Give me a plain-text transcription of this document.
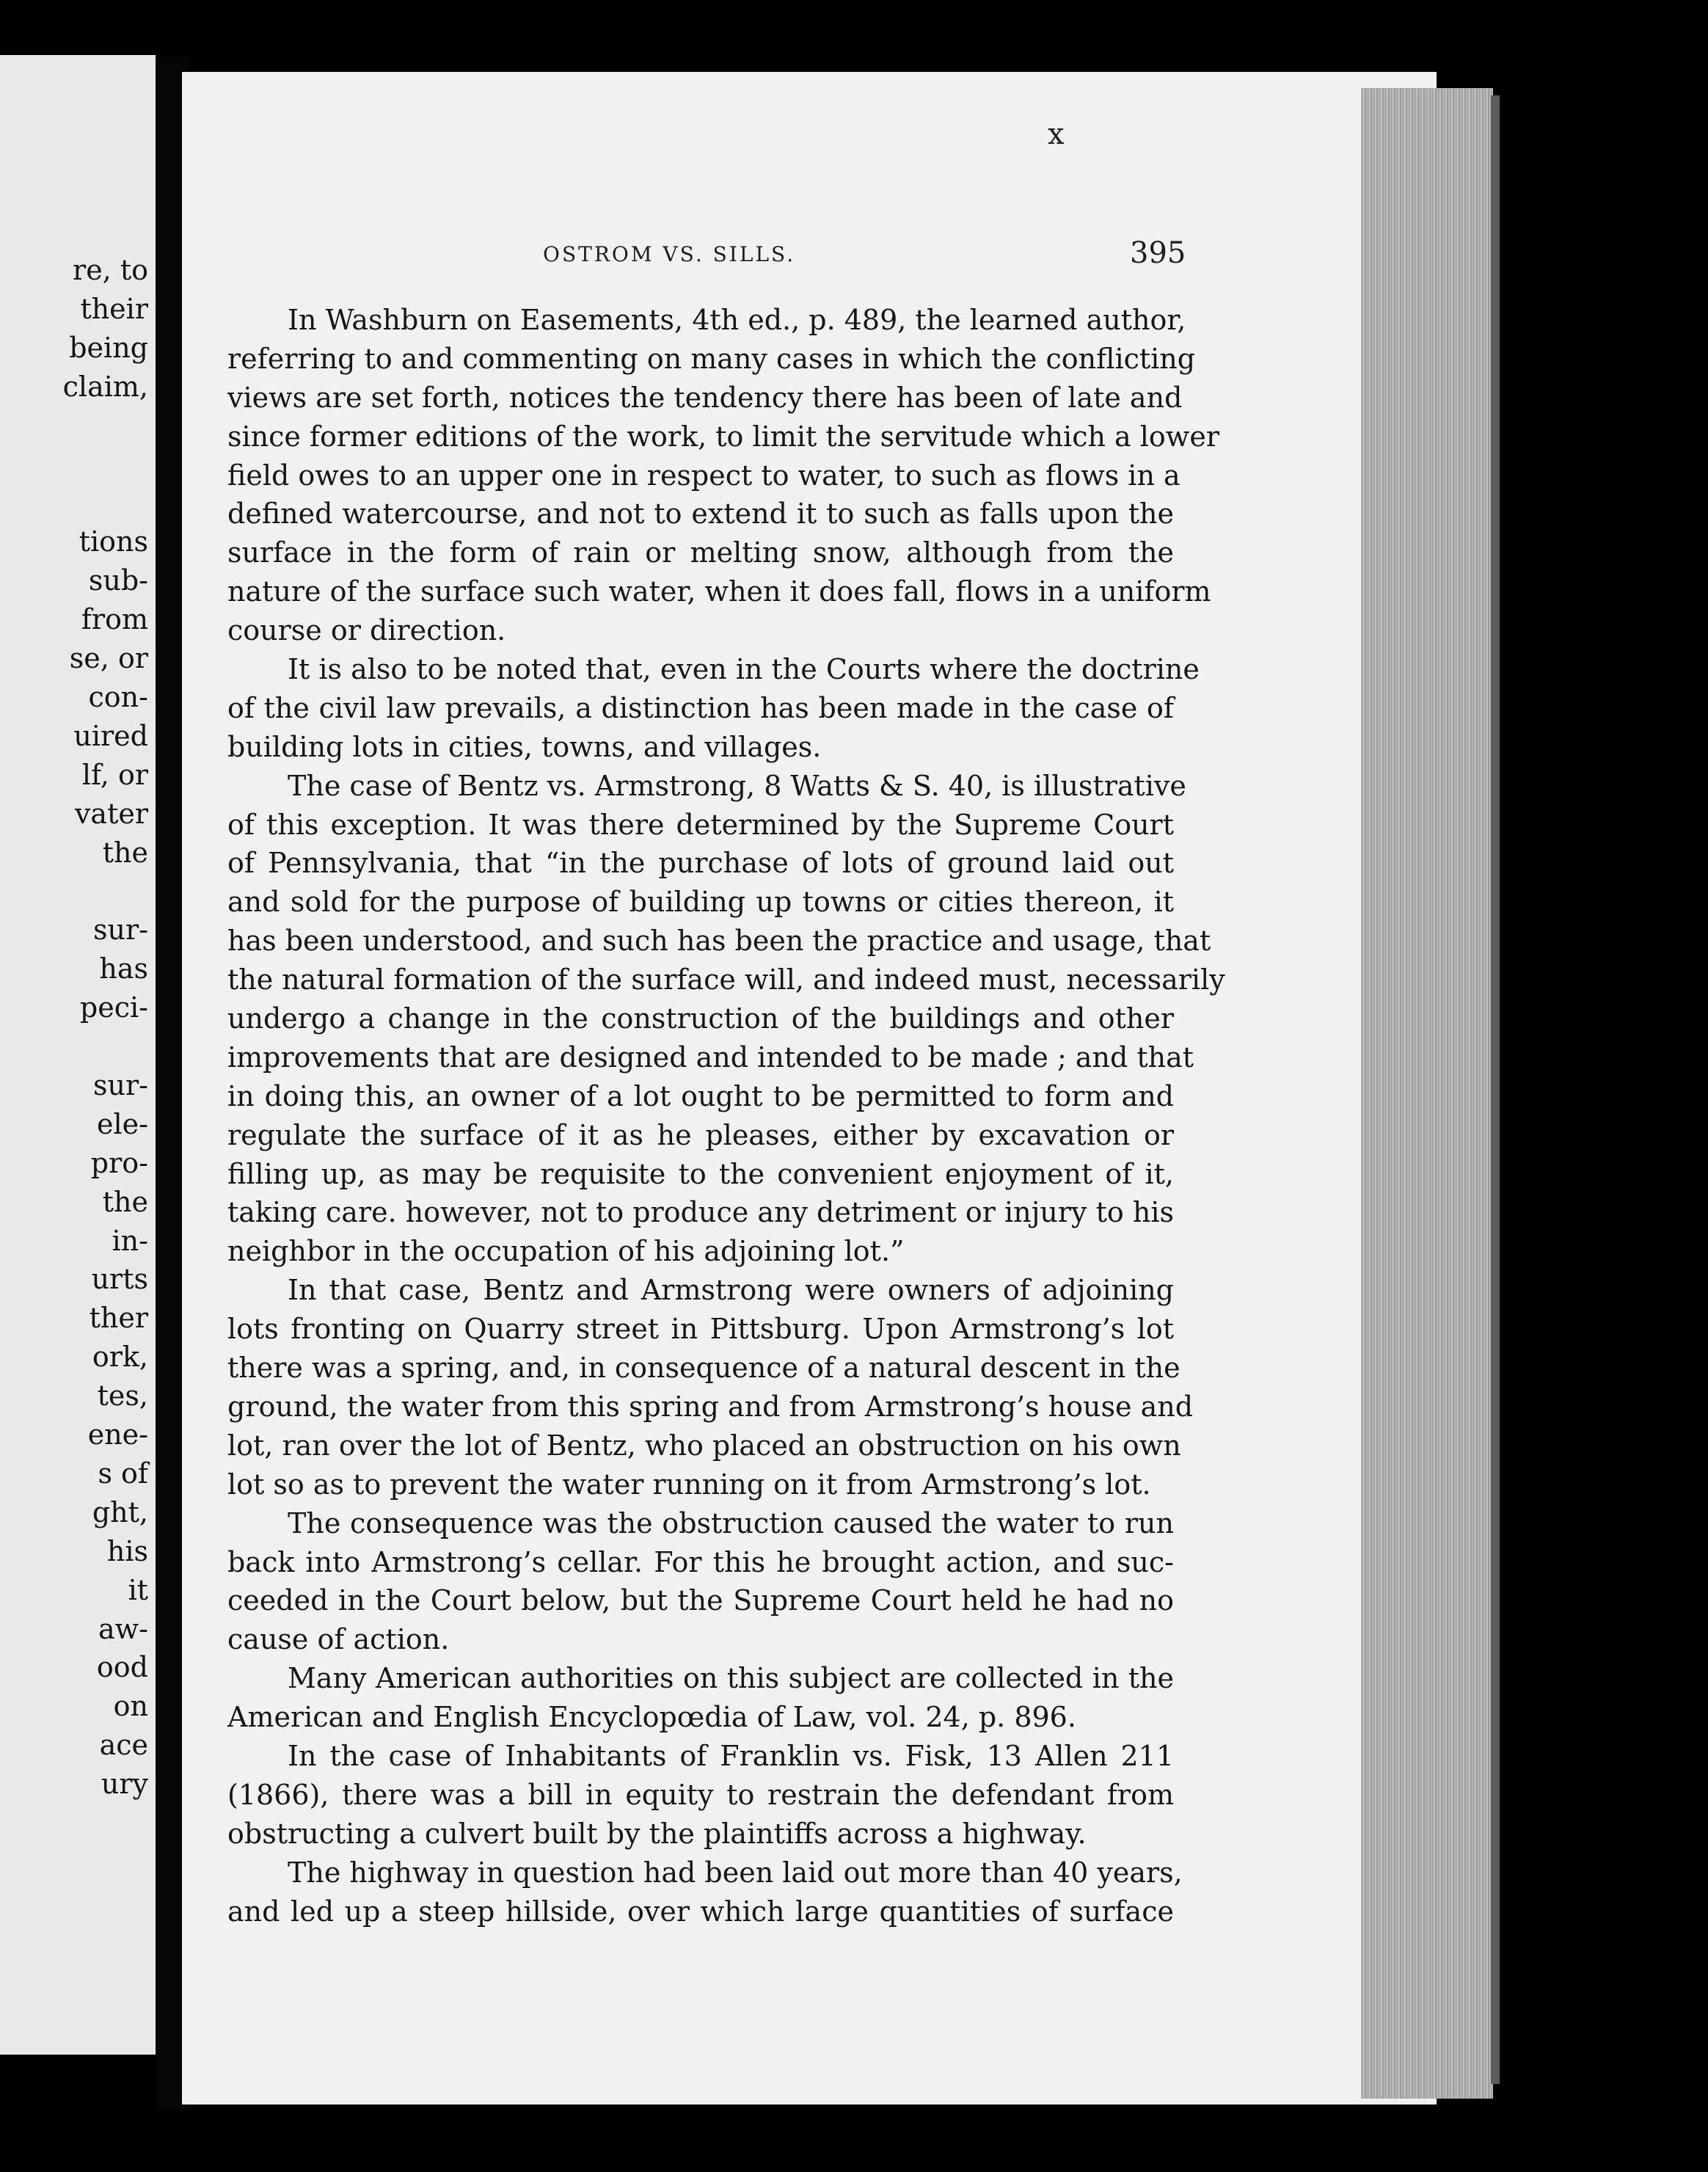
re, to
their
being
claim,
tions
sub-
from
se, or
con-
uired
lf, or
vater
the
sur-
has
peci-
sur-
ele-
pro-
the
in-
urts
ther
ork,
tes,
ene-
s of
ght,
his
it
aw-
ood
on
ace
ury
x
OSTROM VS. SILLS.	395
In Washburn on Easements, 4th ed., p. 489, the learned author,
referring to and commenting on many cases in which the conflicting
views are set forth, notices the tendency there has been of late and
since former editions of the work, to limit the servitude which a lower
field owes to an upper one in respect to water, to such as flows in a
defined watercourse, and not to extend it to such as falls upon the
surface in the form of rain or melting snow, although from the
nature of the surface such water, when it does fall, flows in a uniform
course or direction.
It is also to be noted that, even in the Courts where the doctrine
of the civil law prevails, a distinction has been made in the case of
building lots in cities, towns, and villages.
The case of Bentz vs. Armstrong, 8 Watts & S. 40, is illustrative
of this exception. It was there determined by the Supreme Court
of Pennsylvania, that “in the purchase of lots of ground laid out
and sold for the purpose of building up towns or cities thereon, it
has been understood, and such has been the practice and usage, that
the natural formation of the surface will, and indeed must, necessarily
undergo a change in the construction of the buildings and other
improvements that are designed and intended to be made ; and that
in doing this, an owner of a lot ought to be permitted to form and
regulate the surface of it as he pleases, either by excavation or
filling up, as may be requisite to the convenient enjoyment of it,
taking care. however, not to produce any detriment or injury to his
neighbor in the occupation of his adjoining lot.”
In that case, Bentz and Armstrong were owners of adjoining
lots fronting on Quarry street in Pittsburg. Upon Armstrong’s lot
there was a spring, and, in consequence of a natural descent in the
ground, the water from this spring and from Armstrong’s house and
lot, ran over the lot of Bentz, who placed an obstruction on his own
lot so as to prevent the water running on it from Armstrong’s lot.
The consequence was the obstruction caused the water to run
back into Armstrong’s cellar. For this he brought action, and suc-
ceeded in the Court below, but the Supreme Court held he had no
cause of action.
Many American authorities on this subject are collected in the
American and English Encyclopœdia of Law, vol. 24, p. 896.
In the case of Inhabitants of Franklin vs. Fisk, 13 Allen 211
(1866), there was a bill in equity to restrain the defendant from
obstructing a culvert built by the plaintiffs across a highway.
The highway in question had been laid out more than 40 years,
and led up a steep hillside, over which large quantities of surface
